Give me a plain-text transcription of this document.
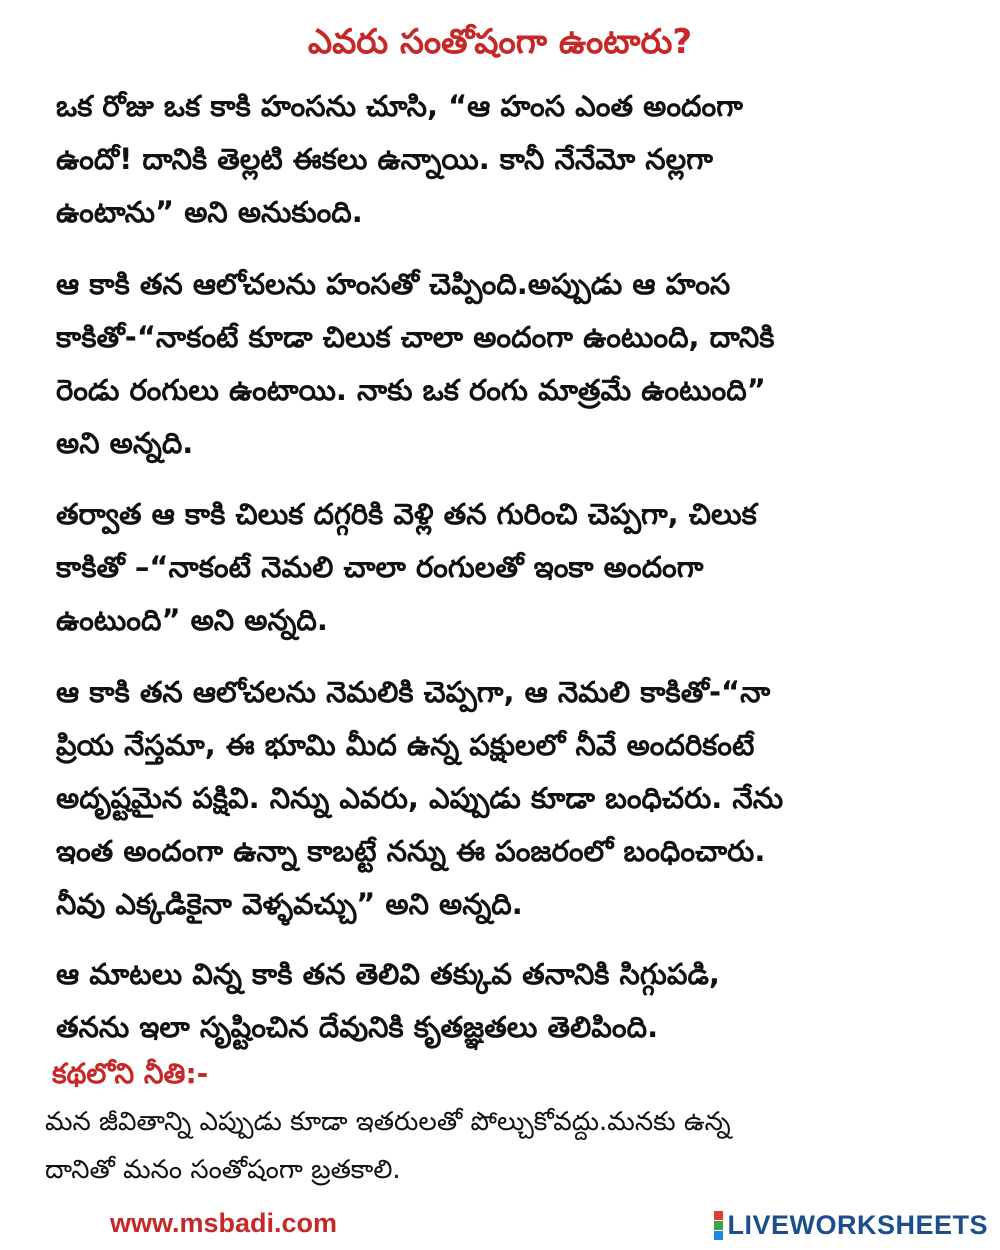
ఎవరు సంతోషంగా ఉంటారు?
ఒక రోజు ఒక కాకి హంసను చూసి, “ఆ హంస ఎంత అందంగా
ఉందో! దానికి తెల్లటి ఈకలు ఉన్నాయి. కానీ నేనేమో నల్లగా
ఉంటాను” అని అనుకుంది.
ఆ కాకి తన ఆలోచలను హంసతో చెప్పింది.అప్పుడు ఆ హంస
కాకితో-“నాకంటే కూడా చిలుక చాలా అందంగా ఉంటుంది, దానికి
రెండు రంగులు ఉంటాయి. నాకు ఒక రంగు మాత్రమే ఉంటుంది”
అని అన్నది.
తర్వాత ఆ కాకి చిలుక దగ్గరికి వెళ్లి తన గురించి చెప్పగా, చిలుక
కాకితో –“నాకంటే నెమలి చాలా రంగులతో ఇంకా అందంగా
ఉంటుంది” అని అన్నది.
ఆ కాకి తన ఆలోచలను నెమలికి చెప్పగా, ఆ నెమలి కాకితో-“నా
ప్రియ నేస్తమా, ఈ భూమి మీద ఉన్న పక్షులలో నీవే అందరికంటే
అదృష్టమైన పక్షివి. నిన్ను ఎవరు, ఎప్పుడు కూడా బంధిచరు. నేను
ఇంత అందంగా ఉన్నా కాబట్టే నన్ను ఈ పంజరంలో బంధించారు.
నీవు ఎక్కడికైనా వెళ్ళవచ్చు” అని అన్నది.
ఆ మాటలు విన్న కాకి తన తెలివి తక్కువ తనానికి సిగ్గుపడి,
తనను ఇలా సృష్టించిన దేవునికి కృతజ్ఞతలు తెలిపింది.
కథలోని నీతి:-
మన జీవితాన్ని ఎప్పుడు కూడా ఇతరులతో పోల్చుకోవద్దు.మనకు ఉన్న
దానితో మనం సంతోషంగా బ్రతకాలి.
www.msbadi.com	LIVEWORKSHEETS
